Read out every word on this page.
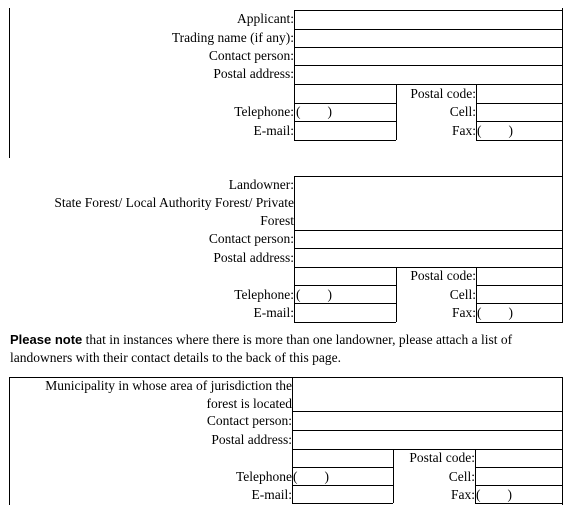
Applicant:
Trading name (if any):
Contact person:
Postal address:
Postal code:
Telephone: (        )	Cell:
E-mail:	Fax: (        )
Landowner:
State Forest/ Local Authority Forest/ Private
Forest
Contact person:
Postal address:
Postal code:
Telephone: (        )	Cell:
E-mail:	Fax: (        )
Please note that in instances where there is more than one landowner, please attach a list of landowners with their contact details to the back of this page.
Municipality in whose area of jurisdiction the
forest is located
Contact person:
Postal address:
Postal code:
Telephone (        )	Cell:
E-mail:	Fax: (        )
